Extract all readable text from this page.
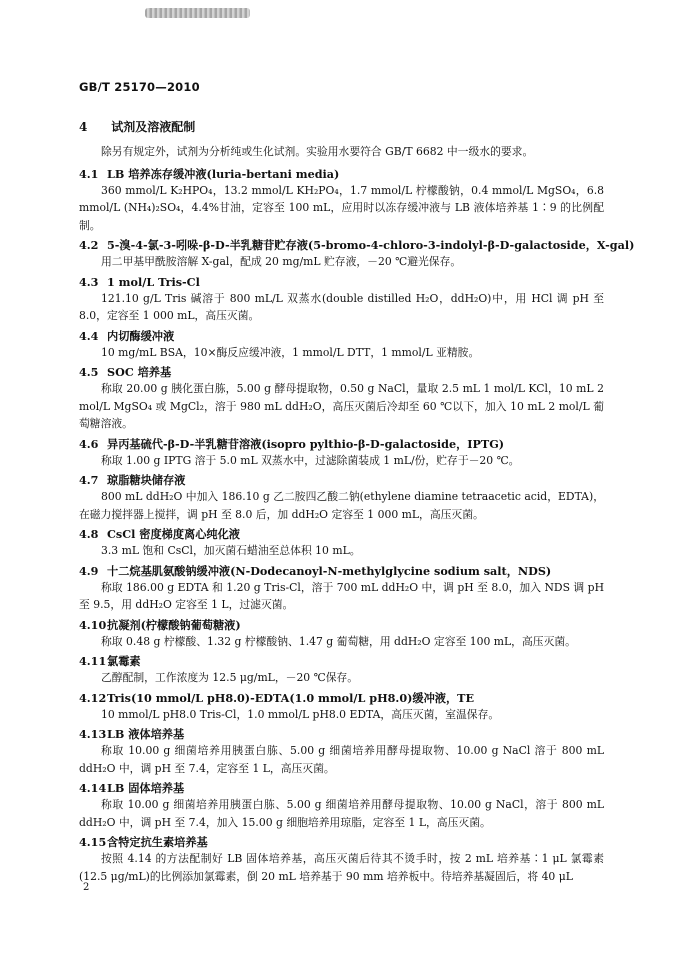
GB/T 25170—2010
4 试剂及溶液配制

除另有规定外，试剂为分析纯或生化试剂。实验用水要符合 GB/T 6682 中一级水的要求。

4.1 LB 培养冻存缓冲液(luria-bertani media)

360 mmol/L K₂HPO₄，13.2 mmol/L KH₂PO₄，1.7 mmol/L 柠檬酸钠，0.4 mmol/L MgSO₄，6.8 mmol/L (NH₄)₂SO₄，4.4%甘油，定容至 100 mL，应用时以冻存缓冲液与 LB 液体培养基 1∶9 的比例配制。

4.2 5-溴-4-氯-3-吲哚-β-D-半乳糖苷贮存液(5-bromo-4-chloro-3-indolyl-β-D-galactoside，X-gal)

用二甲基甲酰胺溶解 X-gal，配成 20 mg/mL 贮存液，－20 ℃避光保存。

4.3 1 mol/L Tris-Cl

121.10 g/L Tris 碱溶于 800 mL/L 双蒸水(double distilled H₂O，ddH₂O)中，用 HCl 调 pH 至 8.0，定容至 1 000 mL，高压灭菌。

4.4 内切酶缓冲液

10 mg/mL BSA，10×酶反应缓冲液，1 mmol/L DTT，1 mmol/L 亚精胺。

4.5 SOC 培养基

称取 20.00 g 胰化蛋白胨，5.00 g 酵母提取物，0.50 g NaCl，量取 2.5 mL 1 mol/L KCl，10 mL 2 mol/L MgSO₄ 或 MgCl₂，溶于 980 mL ddH₂O，高压灭菌后冷却至 60 ℃以下，加入 10 mL 2 mol/L 葡萄糖溶液。

4.6 异丙基硫代-β-D-半乳糖苷溶液(isopro pylthio-β-D-galactoside，IPTG)

称取 1.00 g IPTG 溶于 5.0 mL 双蒸水中，过滤除菌装成 1 mL/份，贮存于－20 ℃。

4.7 琼脂糖块储存液

800 mL ddH₂O 中加入 186.10 g 乙二胺四乙酸二钠(ethylene diamine tetraacetic acid，EDTA)，在磁力搅拌器上搅拌，调 pH 至 8.0 后，加 ddH₂O 定容至 1 000 mL，高压灭菌。

4.8 CsCl 密度梯度离心纯化液

3.3 mL 饱和 CsCl，加灭菌石蜡油至总体积 10 mL。

4.9 十二烷基肌氨酸钠缓冲液(N-Dodecanoyl-N-methylglycine sodium salt，NDS)

称取 186.00 g EDTA 和 1.20 g Tris-Cl，溶于 700 mL ddH₂O 中，调 pH 至 8.0，加入 NDS 调 pH 至 9.5，用 ddH₂O 定容至 1 L，过滤灭菌。

4.10抗凝剂(柠檬酸钠葡萄糖液)

称取 0.48 g 柠檬酸、1.32 g 柠檬酸钠、1.47 g 葡萄糖，用 ddH₂O 定容至 100 mL，高压灭菌。

4.11氯霉素

乙醇配制，工作浓度为 12.5 μg/mL，－20 ℃保存。

4.12Tris(10 mmol/L pH8.0)-EDTA(1.0 mmol/L pH8.0)缓冲液，TE

10 mmol/L pH8.0 Tris-Cl，1.0 mmol/L pH8.0 EDTA，高压灭菌，室温保存。

4.13LB 液体培养基

称取 10.00 g 细菌培养用胰蛋白胨、5.00 g 细菌培养用酵母提取物、10.00 g NaCl 溶于 800 mL ddH₂O 中，调 pH 至 7.4，定容至 1 L，高压灭菌。

4.14LB 固体培养基

称取 10.00 g 细菌培养用胰蛋白胨、5.00 g 细菌培养用酵母提取物、10.00 g NaCl，溶于 800 mL ddH₂O 中，调 pH 至 7.4，加入 15.00 g 细胞培养用琼脂，定容至 1 L，高压灭菌。

4.15含特定抗生素培养基

按照 4.14 的方法配制好 LB 固体培养基，高压灭菌后待其不烫手时，按 2 mL 培养基∶1 μL 氯霉素(12.5 μg/mL)的比例添加氯霉素，倒 20 mL 培养基于 90 mm 培养板中。待培养基凝固后，将 40 μL

2
